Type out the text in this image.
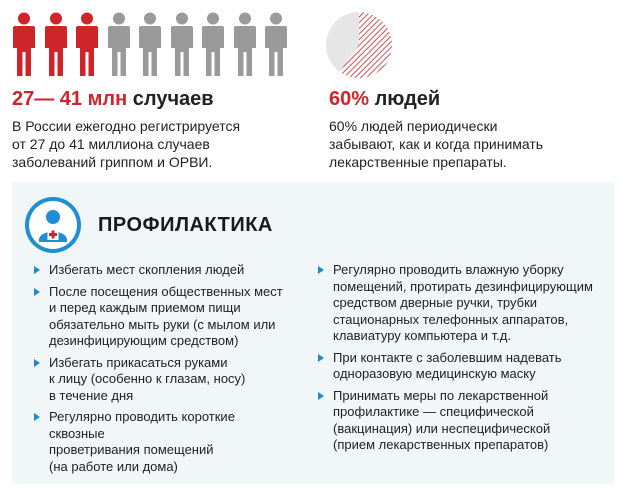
27— 41 млн случаев
В России ежегодно регистрируется
от 27 до 41 миллиона случаев
заболеваний гриппом и ОРВИ.
60% людей
60% людей периодически
забывают, как и когда принимать
лекарственные препараты.
ПРОФИЛАКТИКА
Избегать мест скопления людей
После посещения общественных мест
и перед каждым приемом пищи
обязательно мыть руки (с мылом или
дезинфицирующим средством)
Избегать прикасаться руками
к лицу (особенно к глазам, носу)
в течение дня
Регулярно проводить короткие сквозные
проветривания помещений
(на работе или дома)
Регулярно проводить влажную уборку
помещений, протирать дезинфицирующим
средством дверные ручки, трубки
стационарных телефонных аппаратов,
клавиатуру компьютера и т.д.
При контакте с заболевшим надевать
одноразовую медицинскую маску
Принимать меры по лекарственной
профилактике — специфической
(вакцинация) или неспецифической
(прием лекарственных препаратов)
